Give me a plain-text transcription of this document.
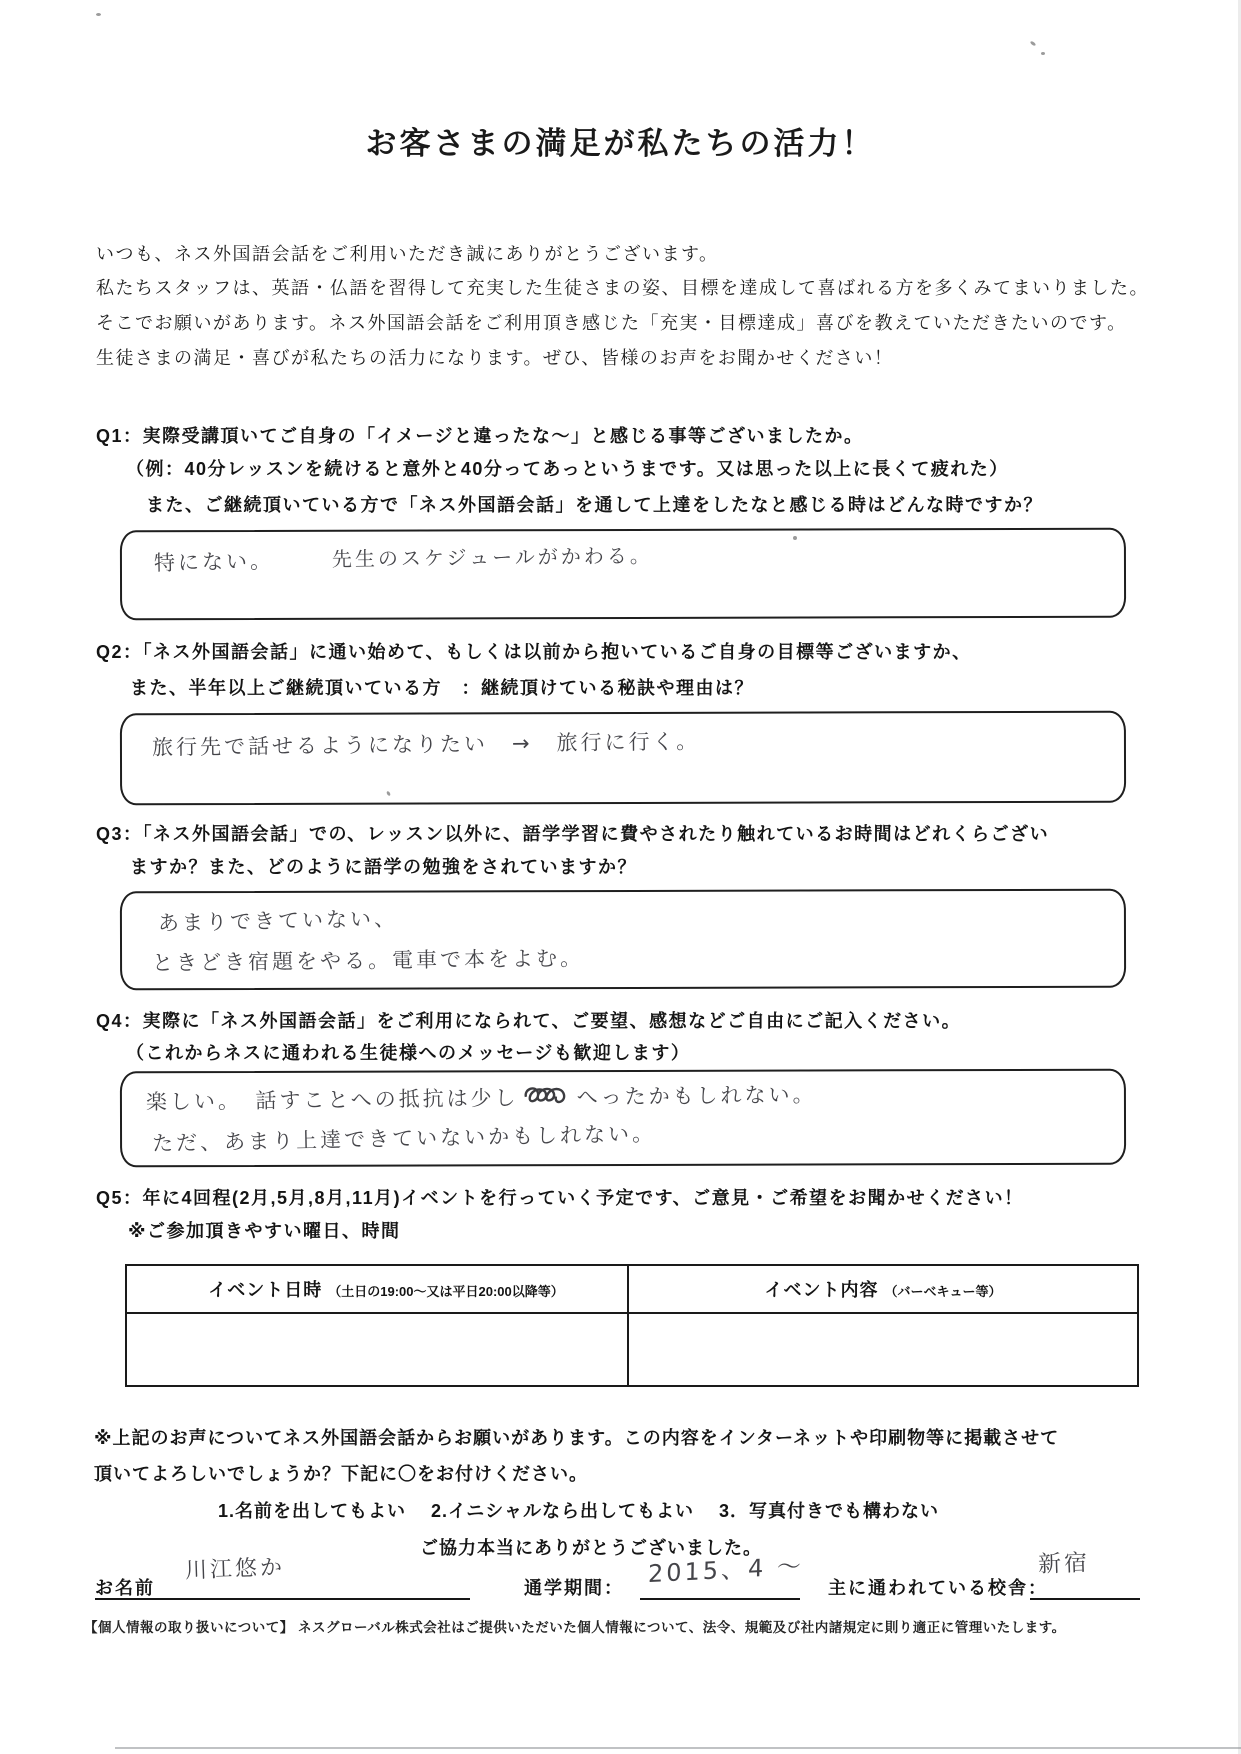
お客さまの満足が私たちの活力！
いつも、ネス外国語会話をご利用いただき誠にありがとうございます。
私たちスタッフは、英語・仏語を習得して充実した生徒さまの姿、目標を達成して喜ばれる方を多くみてまいりました。
そこでお願いがあります。ネス外国語会話をご利用頂き感じた「充実・目標達成」喜びを教えていただきたいのです。
生徒さまの満足・喜びが私たちの活力になります。ぜひ、皆様のお声をお聞かせください！
Q1：実際受講頂いてご自身の「イメージと違ったな～」と感じる事等ございましたか。
（例：40分レッスンを続けると意外と40分ってあっというまです。又は思った以上に長くて疲れた）
また、ご継続頂いている方で「ネス外国語会話」を通して上達をしたなと感じる時はどんな時ですか？
特にない。	先生のスケジュールがかわる。
Q2：「ネス外国語会話」に通い始めて、もしくは以前から抱いているご自身の目標等ございますか、
また、半年以上ご継続頂いている方　：継続頂けている秘訣や理由は？
旅行先で話せるようになりたい　→　旅行に行く。
Q3：「ネス外国語会話」での、レッスン以外に、語学学習に費やされたり触れているお時間はどれくらござい
ますか？また、どのように語学の勉強をされていますか？
あまりできていない、
ときどき宿題をやる。電車で本をよむ。
Q4：実際に「ネス外国語会話」をご利用になられて、ご要望、感想などご自由にご記入ください。
（これからネスに通われる生徒様へのメッセージも歓迎します）
楽しい。　話すことへの抵抗は少し	へったかもしれない。
ただ、あまり上達できていないかもしれない。
Q5：年に4回程(2月,5月,8月,11月)イベントを行っていく予定です、ご意見・ご希望をお聞かせください！
※ご参加頂きやすい曜日、時間
イベント日時 （土日の19:00～又は平日20:00以降等）	イベント内容 （バーベキュー等）

※上記のお声についてネス外国語会話からお願いがあります。この内容をインターネットや印刷物等に掲載させて
頂いてよろしいでしょうか？下記に〇をお付けください。
1.名前を出してもよい　 2.イニシャルなら出してもよい　 3．写真付きでも構わない
ご協力本当にありがとうございました。
お名前
川江悠か
通学期間： 2015、4 ～ 主に通われている校舎：
新宿
【個人情報の取り扱いについて】 ネスグローバル株式会社はご提供いただいた個人情報について、法令、規範及び社内諸規定に則り適正に管理いたします。
